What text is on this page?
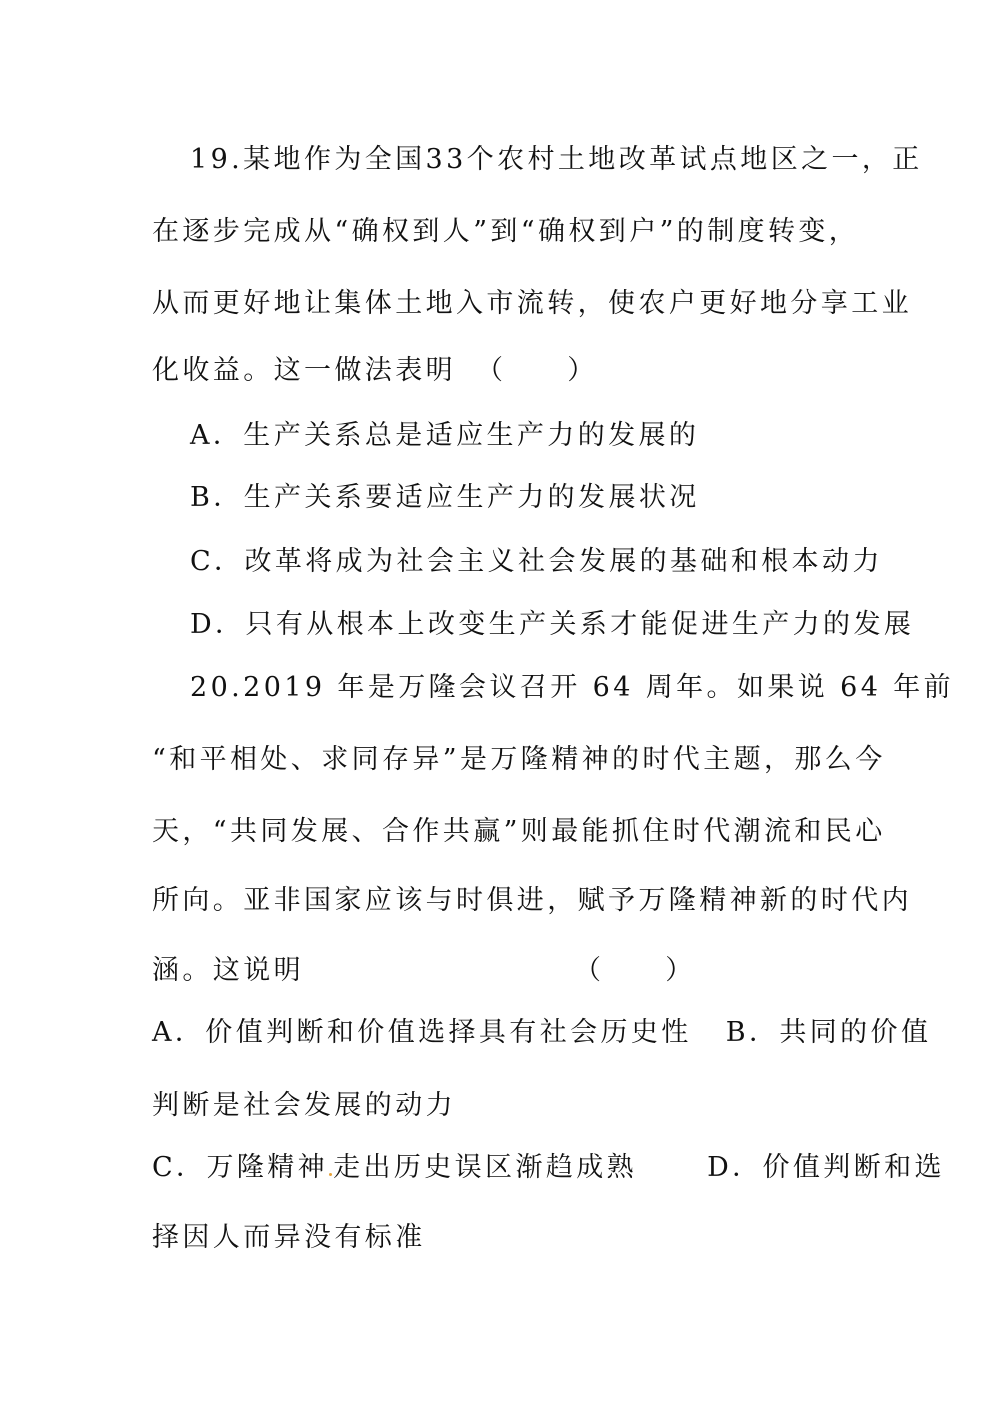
19.某地作为全国33个农村土地改革试点地区之一，正
在逐步完成从“确权到人”到“确权到户”的制度转变，
从而更好地让集体土地入市流转，使农户更好地分享工业
化收益。这一做法表明 （　　）
A．生产关系总是适应生产力的发展的
B．生产关系要适应生产力的发展状况
C．改革将成为社会主义社会发展的基础和根本动力
D．只有从根本上改变生产关系才能促进生产力的发展
20.2019 年是万隆会议召开 64 周年。如果说 64 年前
“和平相处、求同存异”是万隆精神的时代主题，那么今
天，“共同发展、合作共赢”则最能抓住时代潮流和民心
所向。亚非国家应该与时俱进，赋予万隆精神新的时代内
涵。这说明	（　　）
A．价值判断和价值选择具有社会历史性 B．共同的价值
判断是社会发展的动力
C．万隆精神 走出历史误区渐趋成熟	D．价值判断和选
择因人而异没有标准
